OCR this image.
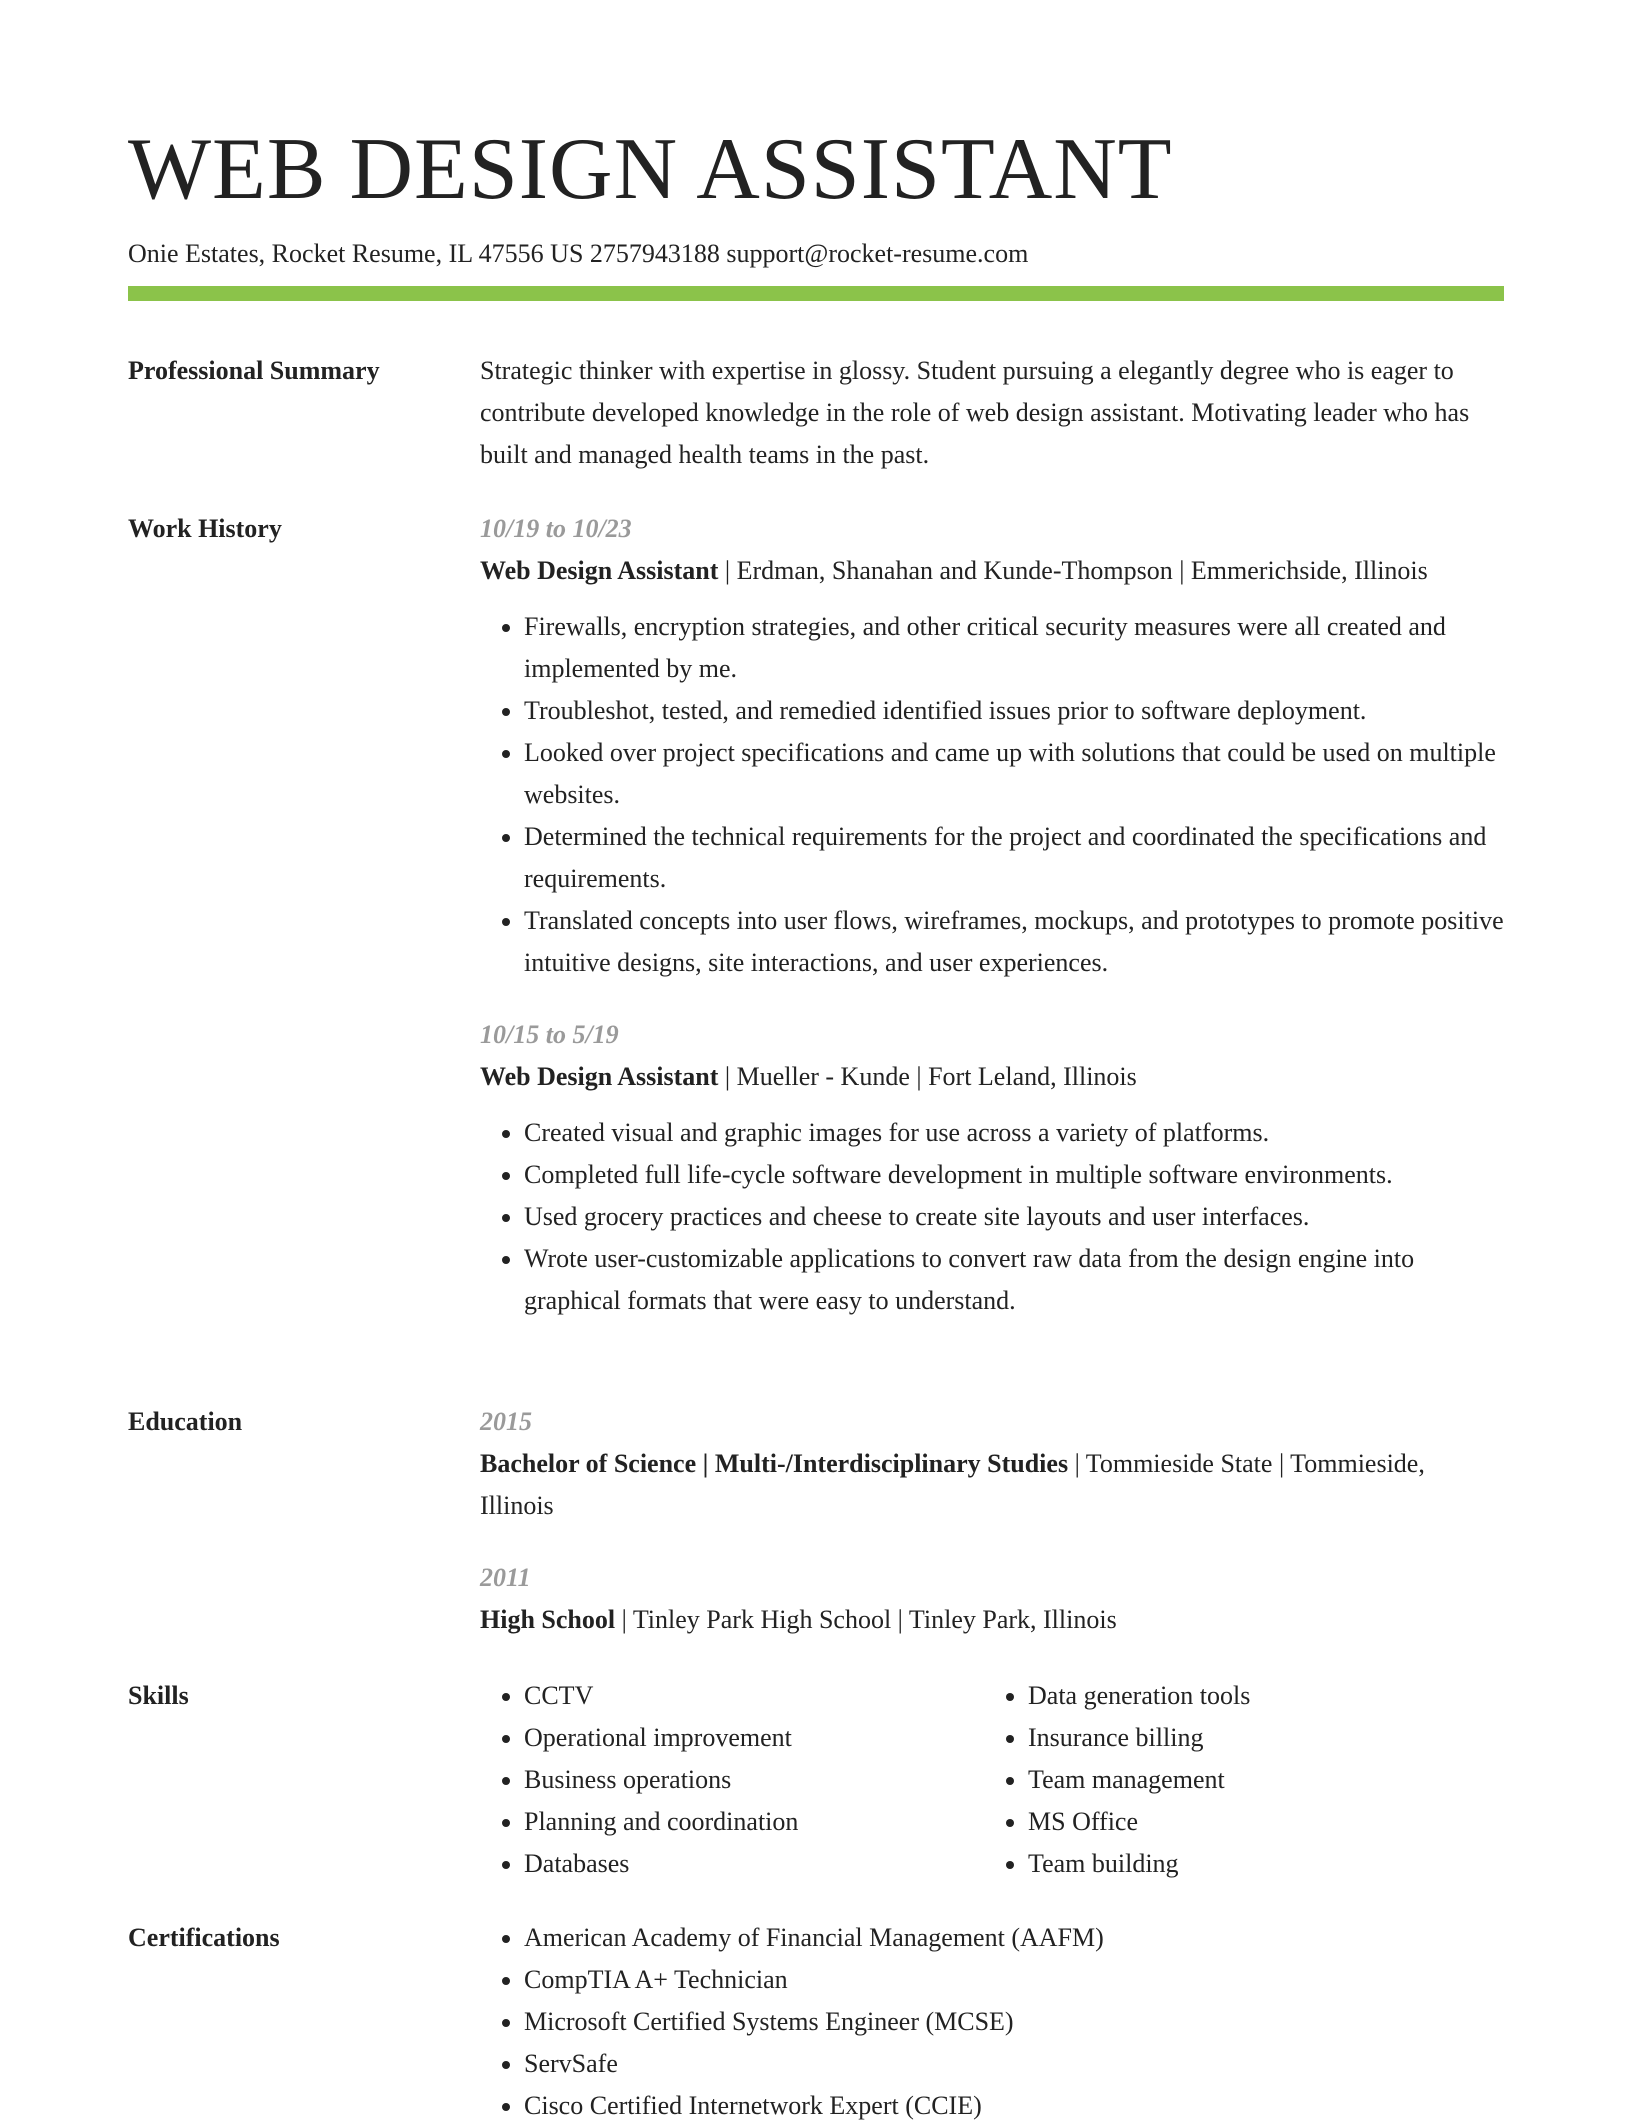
WEB DESIGN ASSISTANT
Onie Estates, Rocket Resume, IL 47556 US 2757943188 support@rocket-resume.com
Professional Summary	Strategic thinker with expertise in glossy. Student pursuing a elegantly degree who is eager to contribute developed knowledge in the role of web design assistant. Motivating leader who has built and managed health teams in the past.

Work History	10/19 to 10/23
Web Design Assistant | Erdman, Shanahan and Kunde-Thompson | Emmerichside, Illinois
• Firewalls, encryption strategies, and other critical security measures were all created and implemented by me.
• Troubleshot, tested, and remedied identified issues prior to software deployment.
• Looked over project specifications and came up with solutions that could be used on multiple websites.
• Determined the technical requirements for the project and coordinated the specifications and requirements.
• Translated concepts into user flows, wireframes, mockups, and prototypes to promote positive intuitive designs, site interactions, and user experiences.
10/15 to 5/19
Web Design Assistant | Mueller - Kunde | Fort Leland, Illinois
• Created visual and graphic images for use across a variety of platforms.
• Completed full life-cycle software development in multiple software environments.
• Used grocery practices and cheese to create site layouts and user interfaces.
• Wrote user-customizable applications to convert raw data from the design engine into graphical formats that were easy to understand.
Education	2015
Bachelor of Science | Multi-/Interdisciplinary Studies | Tommieside State | Tommieside, Illinois
2011
High School | Tinley Park High School | Tinley Park, Illinois
Skills	• CCTV
• Operational improvement
• Business operations
• Planning and coordination
• Databases
• Data generation tools
• Insurance billing
• Team management
• MS Office
• Team building
Certifications	• American Academy of Financial Management (AAFM)
• CompTIA A+ Technician
• Microsoft Certified Systems Engineer (MCSE)
• ServSafe
• Cisco Certified Internetwork Expert (CCIE)
